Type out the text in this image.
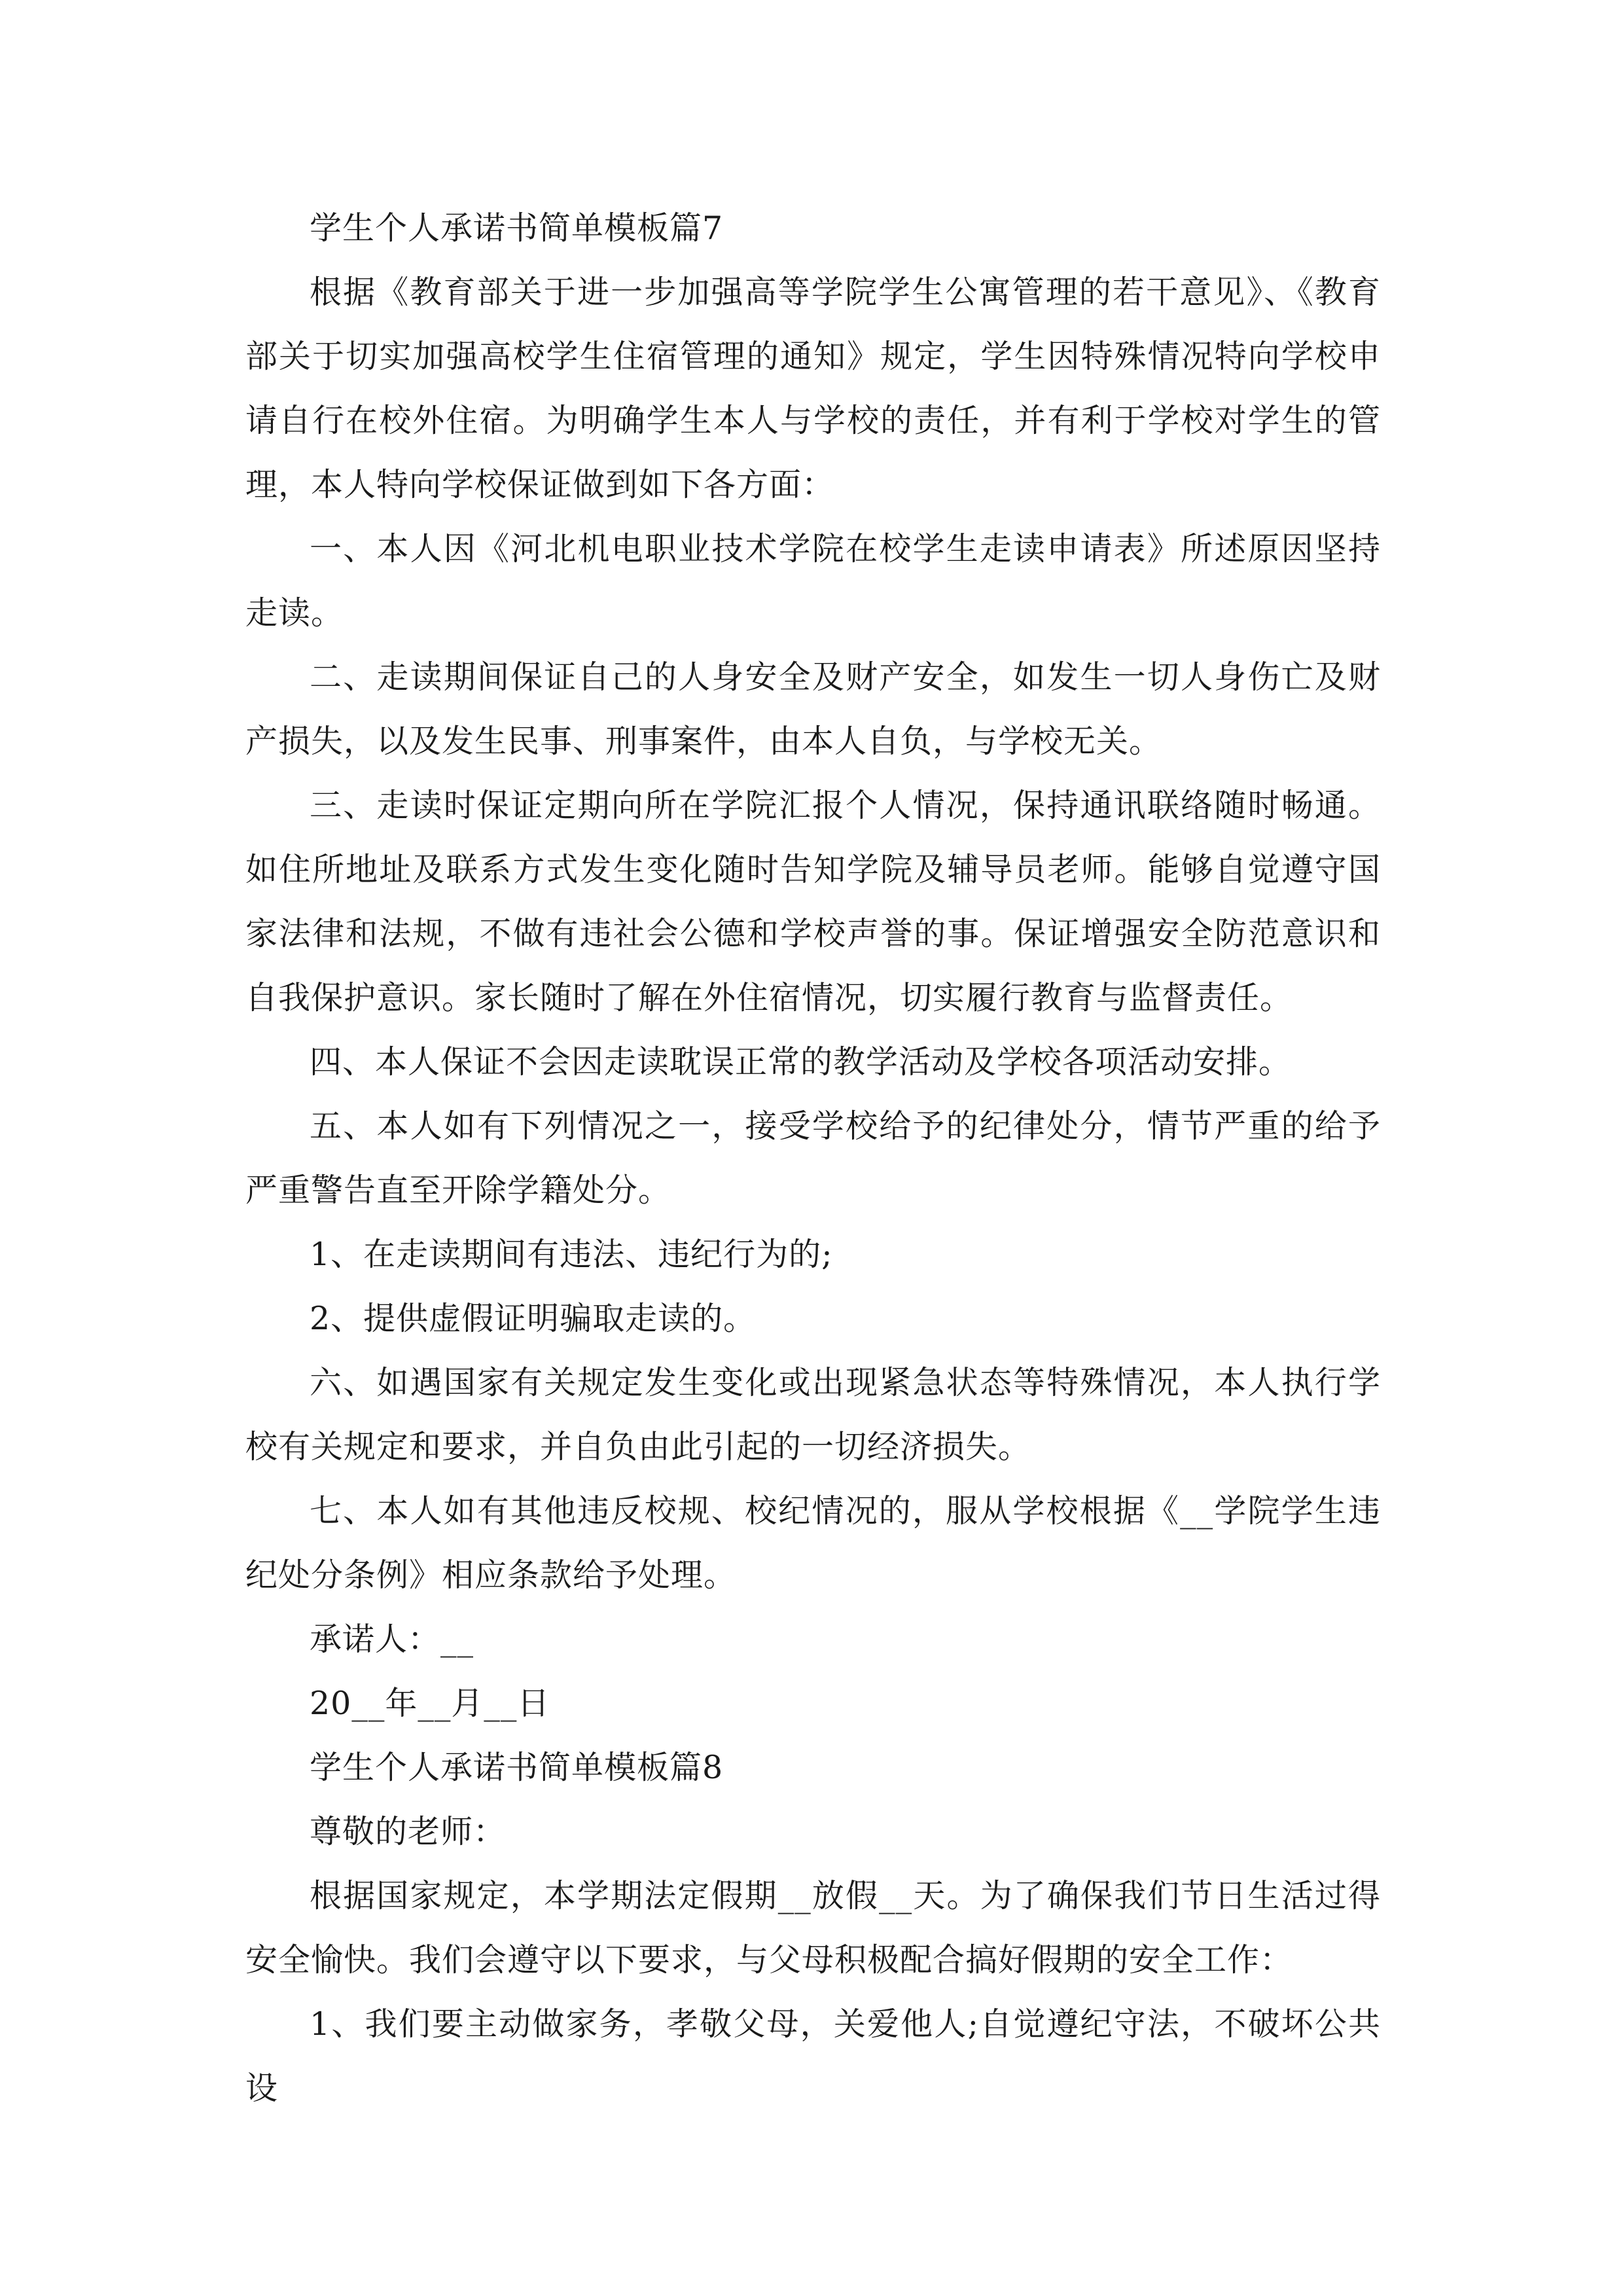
学生个人承诺书简单模板篇7

根据《教育部关于进一步加强高等学院学生公寓管理的若干意见》、《教育部关于切实加强高校学生住宿管理的通知》规定，学生因特殊情况特向学校申请自行在校外住宿。为明确学生本人与学校的责任，并有利于学校对学生的管理，本人特向学校保证做到如下各方面：

一、本人因《河北机电职业技术学院在校学生走读申请表》所述原因坚持走读。

二、走读期间保证自己的人身安全及财产安全，如发生一切人身伤亡及财产损失，以及发生民事、刑事案件，由本人自负，与学校无关。

三、走读时保证定期向所在学院汇报个人情况，保持通讯联络随时畅通。如住所地址及联系方式发生变化随时告知学院及辅导员老师。能够自觉遵守国家法律和法规，不做有违社会公德和学校声誉的事。保证增强安全防范意识和自我保护意识。家长随时了解在外住宿情况，切实履行教育与监督责任。

四、本人保证不会因走读耽误正常的教学活动及学校各项活动安排。

五、本人如有下列情况之一，接受学校给予的纪律处分，情节严重的给予严重警告直至开除学籍处分。

1、在走读期间有违法、违纪行为的;

2、提供虚假证明骗取走读的。

六、如遇国家有关规定发生变化或出现紧急状态等特殊情况，本人执行学校有关规定和要求，并自负由此引起的一切经济损失。

七、本人如有其他违反校规、校纪情况的，服从学校根据《__学院学生违纪处分条例》相应条款给予处理。

承诺人：__

20__年__月__日

学生个人承诺书简单模板篇8

尊敬的老师：

根据国家规定，本学期法定假期__放假__天。为了确保我们节日生活过得安全愉快。我们会遵守以下要求，与父母积极配合搞好假期的安全工作：

1、我们要主动做家务，孝敬父母，关爱他人;自觉遵纪守法，不破坏公共设
